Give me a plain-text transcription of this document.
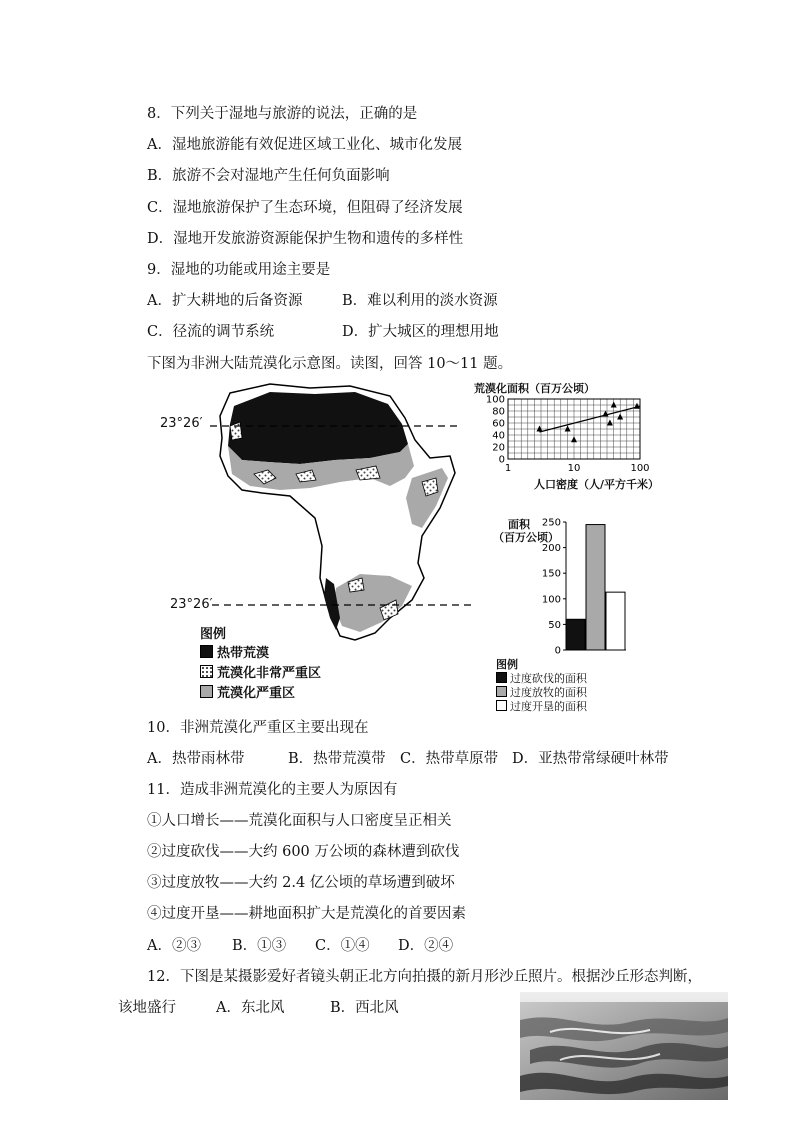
8．下列关于湿地与旅游的说法，正确的是
A．湿地旅游能有效促进区域工业化、城市化发展
B．旅游不会对湿地产生任何负面影响
C．湿地旅游保护了生态环境，但阻碍了经济发展
D．湿地开发旅游资源能保护生物和遗传的多样性
9．湿地的功能或用途主要是
A．扩大耕地的后备资源	B．难以利用的淡水资源
C．径流的调节系统	D．扩大城区的理想用地
下图为非洲大陆荒漠化示意图。读图，回答 10～11 题。
23°26′
23°26′
图例
热带荒漠
荒漠化非常严重区
荒漠化严重区
荒漠化面积（百万公顷）
0
20
40
60
80
100
1	10	100
人口密度（人/平方千米）
面积
（百万公顷）
0
50
100
150
200
250
图例
过度砍伐的面积
过度放牧的面积
过度开垦的面积
10．非洲荒漠化严重区主要出现在
A．热带雨林带	B．热带荒漠带 C．热带草原带 D．亚热带常绿硬叶林带
11．造成非洲荒漠化的主要人为原因有
①人口增长——荒漠化面积与人口密度呈正相关
②过度砍伐——大约 600 万公顷的森林遭到砍伐
③过度放牧——大约 2.4 亿公顷的草场遭到破坏
④过度开垦——耕地面积扩大是荒漠化的首要因素
A．②③ B．①③ C．①④ D．②④
12．下图是某摄影爱好者镜头朝正北方向拍摄的新月形沙丘照片。根据沙丘形态判断，
该地盛行	A．东北风	B．西北风
